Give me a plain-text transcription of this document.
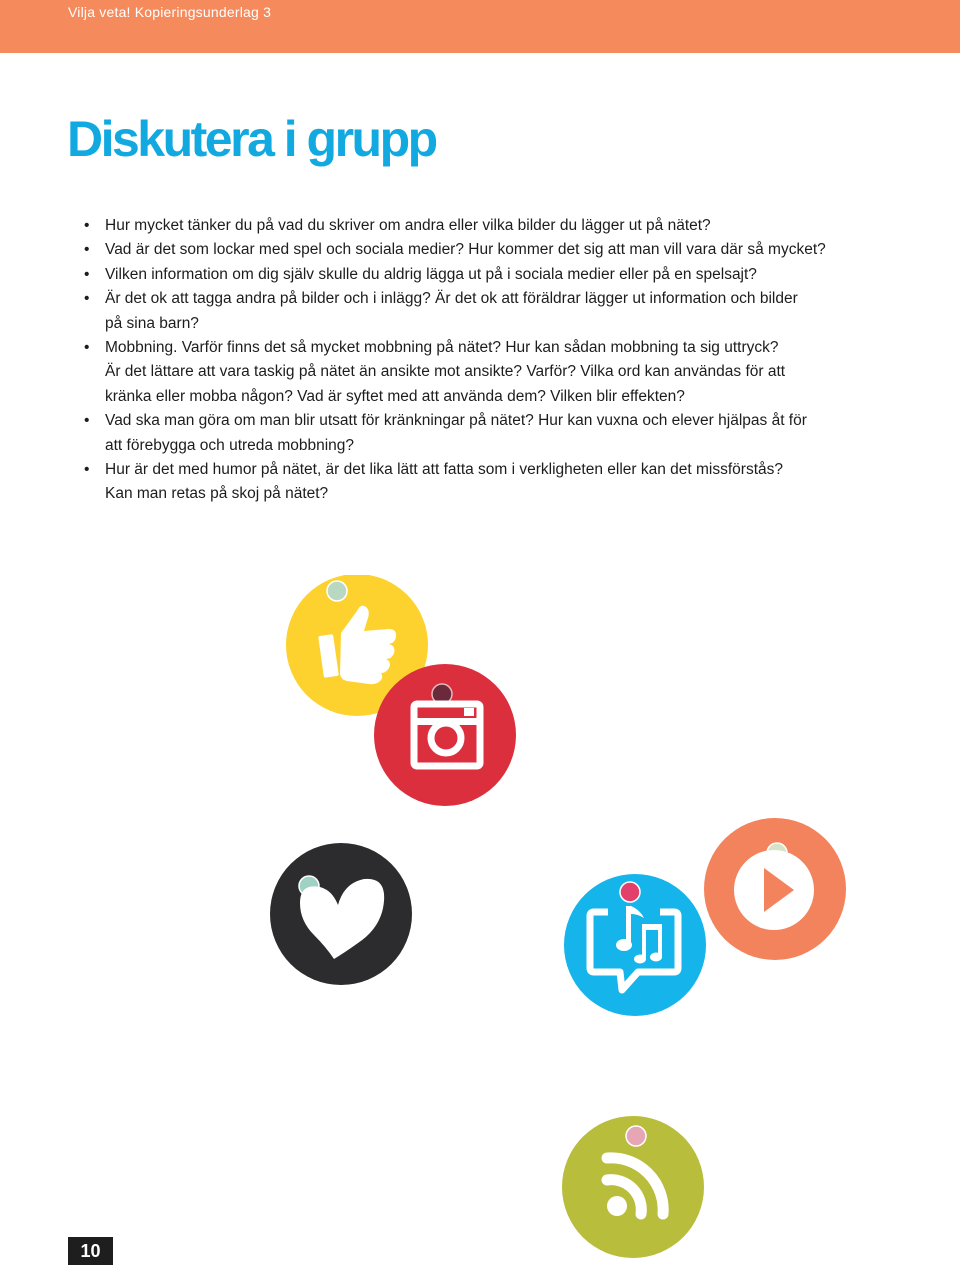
Vilja veta! Kopieringsunderlag 3
Diskutera i grupp
• Hur mycket tänker du på vad du skriver om andra eller vilka bilder du lägger ut på nätet?
• Vad är det som lockar med spel och sociala medier? Hur kommer det sig att man vill vara där så mycket?
• Vilken information om dig själv skulle du aldrig lägga ut på i sociala medier eller på en spelsajt?
• Är det ok att tagga andra på bilder och i inlägg? Är det ok att föräldrar lägger ut information och bilder
på sina barn?
• Mobbning. Varför finns det så mycket mobbning på nätet? Hur kan sådan mobbning ta sig uttryck?
Är det lättare att vara taskig på nätet än ansikte mot ansikte? Varför? Vilka ord kan användas för att
kränka eller mobba någon? Vad är syftet med att använda dem? Vilken blir effekten?
• Vad ska man göra om man blir utsatt för kränkningar på nätet? Hur kan vuxna och elever hjälpas åt för
att förebygga och utreda mobbning?
• Hur är det med humor på nätet, är det lika lätt att fatta som i verkligheten eller kan det missförstås?
Kan man retas på skoj på nätet?
10
